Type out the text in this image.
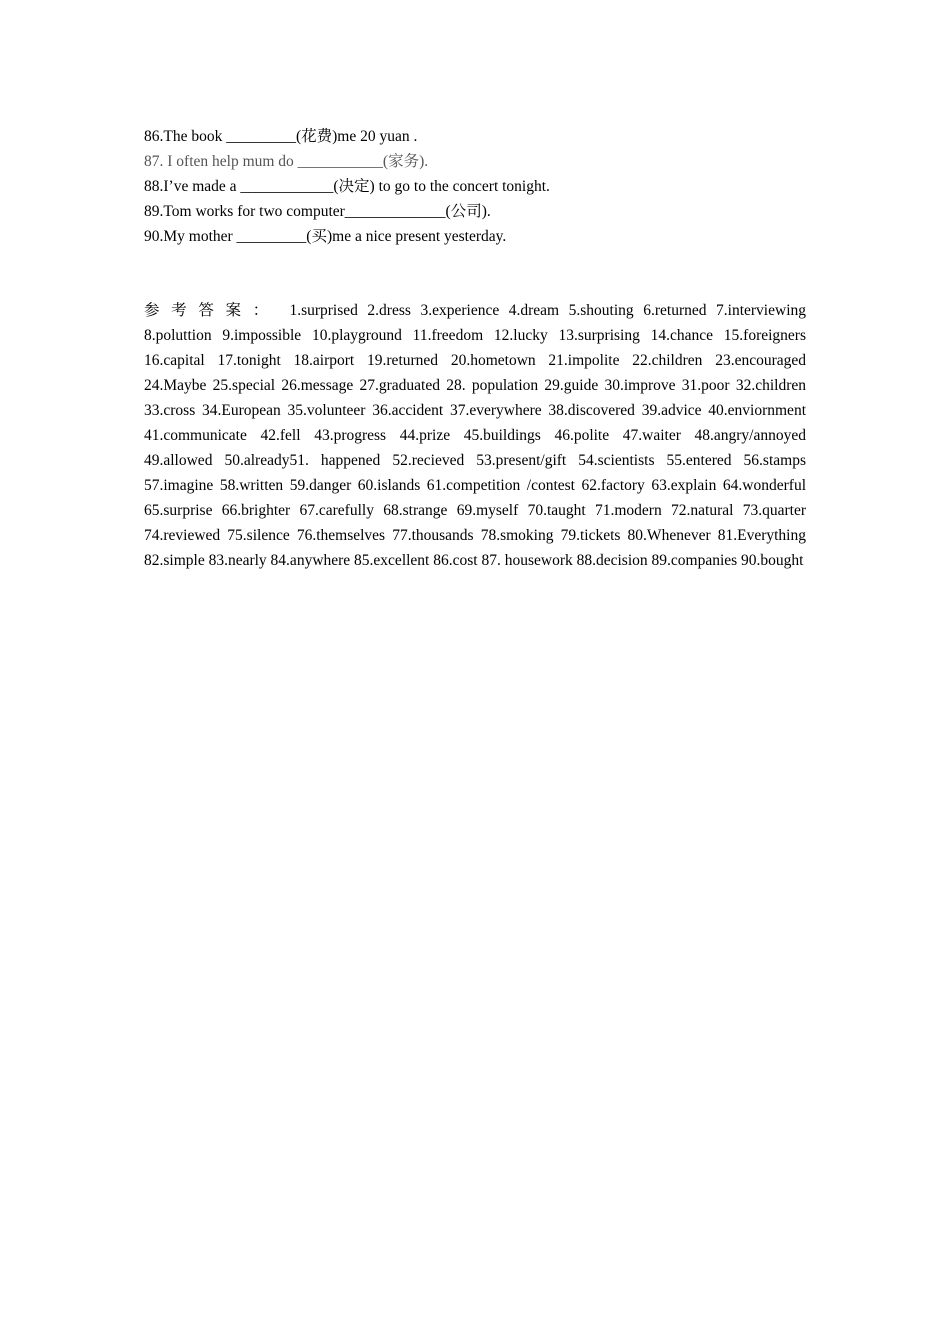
86.The book _________(花费)me 20 yuan .
87. I often help mum do ___________(家务).
88.I’ve made a ____________(决定) to go to the concert tonight.
89.Tom works for two computer_____________(公司).
90.My mother _________(买)me a nice present yesterday.
参考答案： 1.surprised 2.dress 3.experience 4.dream 5.shouting 6.returned 7.interviewing 8.poluttion 9.impossible 10.playground 11.freedom 12.lucky 13.surprising 14.chance 15.foreigners 16.capital 17.tonight 18.airport 19.returned 20.hometown 21.impolite 22.children 23.encouraged 24.Maybe 25.special 26.message 27.graduated 28. population 29.guide 30.improve 31.poor 32.children 33.cross 34.European 35.volunteer 36.accident 37.everywhere 38.discovered 39.advice 40.enviornment 41.communicate 42.fell 43.progress 44.prize 45.buildings 46.polite 47.waiter 48.angry/annoyed 49.allowed 50.already51. happened 52.recieved 53.present/gift 54.scientists 55.entered 56.stamps 57.imagine 58.written 59.danger 60.islands 61.competition /contest 62.factory 63.explain 64.wonderful 65.surprise 66.brighter 67.carefully 68.strange 69.myself 70.taught 71.modern 72.natural 73.quarter 74.reviewed 75.silence 76.themselves 77.thousands 78.smoking 79.tickets 80.Whenever 81.Everything 82.simple 83.nearly 84.anywhere 85.excellent 86.cost 87. housework 88.decision 89.companies 90.bought
